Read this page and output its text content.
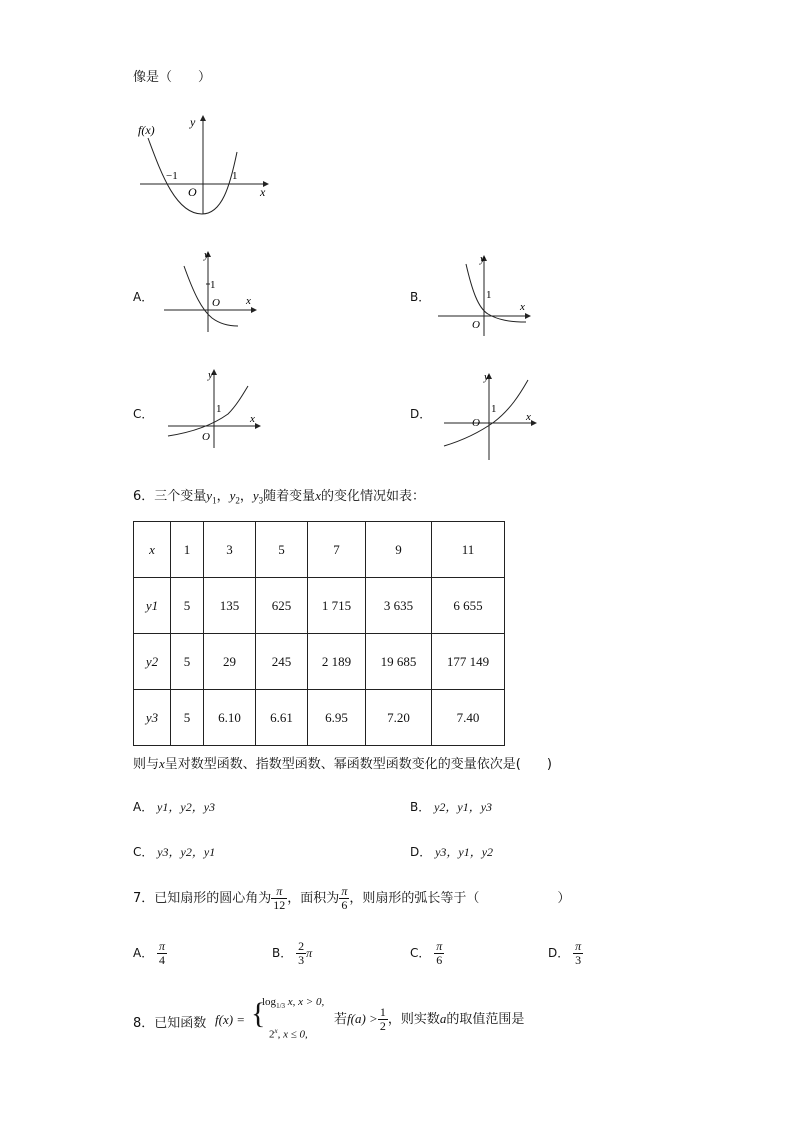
像是（　　）
f(x)
y
x
O
−1	1
A．
y
x
O
1
B．
y
x
O
1
C．
y
x
O
1	D．
y
x
O
1
6．三个变量$y_1$，$y_2$，$y_3$随着变量x的变化情况如表：
x	1	3	5	7	9	11
y1	5	135	625	1 715	3 635	6 655
y2	5	29	245	2 189	19 685	177 149
y3	5	6.10	6.61	6.95	7.20	7.40
则与x呈对数型函数、指数型函数、幂函数型函数变化的变量依次是(　　)
A． y1，y2，y3	B． y2，y1，y3
C． y3，y2，y1	D． y3，y1，y2
7．已知扇形的圆心角为 $\frac{\pi}{12}$ ，面积为 $\frac{\pi}{6}$ ，则扇形的弧长等于（　　　　　　）
A． $\frac{\pi}{4}$	B． $\frac{2}{3}$ π	C． $\frac{\pi}{6}$	D． $\frac{\pi}{3}$
8．已知函数 f(x) = {
$\log_{1/3} x$, x > 0,
2$^x$, x ≤ 0,
若$f(a) > \frac{1}{2}$ ，则实数a的取值范围是
